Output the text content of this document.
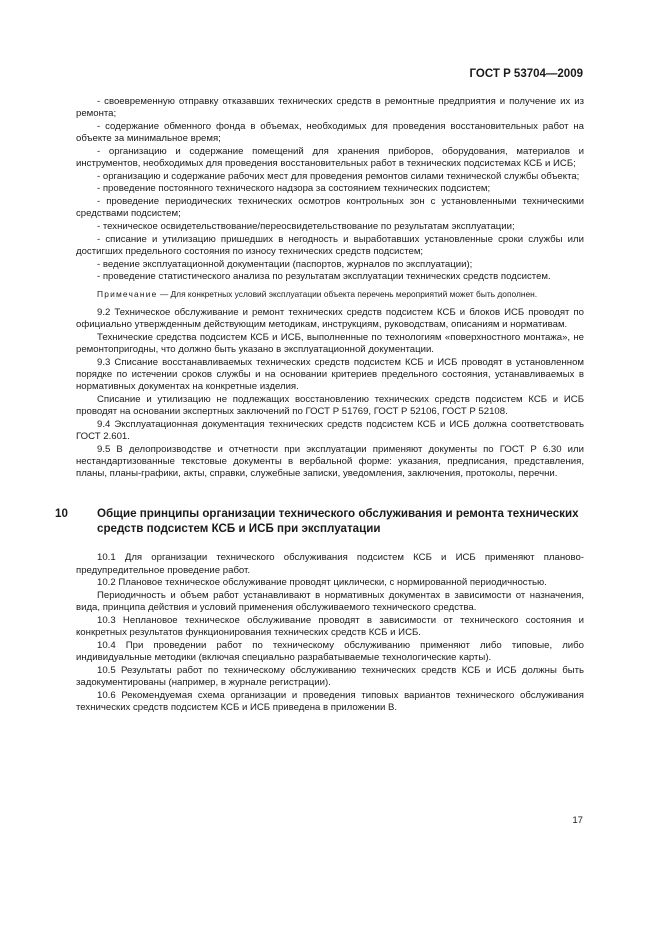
ГОСТ Р 53704—2009

- своевременную отправку отказавших технических средств в ремонтные предприятия и получение их из ремонта;

- содержание обменного фонда в объемах, необходимых для проведения восстановительных работ на объекте за минимальное время;

- организацию и содержание помещений для хранения приборов, оборудования, материалов и инструментов, необходимых для проведения восстановительных работ в технических подсистемах КСБ и ИСБ;

- организацию и содержание рабочих мест для проведения ремонтов силами технической службы объекта;

- проведение постоянного технического надзора за состоянием технических подсистем;

- проведение периодических технических осмотров контрольных зон с установленными техническими средствами подсистем;

- техническое освидетельствование/переосвидетельствование по результатам эксплуатации;

- списание и утилизацию пришедших в негодность и выработавших установленные сроки службы или достигших предельного состояния по износу технических средств подсистем;

- ведение эксплуатационной документации (паспортов, журналов по эксплуатации);

- проведение статистического анализа по результатам эксплуатации технических средств подсистем.

Примечание — Для конкретных условий эксплуатации объекта перечень мероприятий может быть дополнен.

9.2 Техническое обслуживание и ремонт технических средств подсистем КСБ и блоков ИСБ проводят по официально утвержденным действующим методикам, инструкциям, руководствам, описаниям и нормативам.

Технические средства подсистем КСБ и ИСБ, выполненные по технологиям «поверхностного монтажа», не ремонтопригодны, что должно быть указано в эксплуатационной документации.

9.3 Списание восстанавливаемых технических средств подсистем КСБ и ИСБ проводят в установленном порядке по истечении сроков службы и на основании критериев предельного состояния, устанавливаемых в нормативных документах на конкретные изделия.

Списание и утилизацию не подлежащих восстановлению технических средств подсистем КСБ и ИСБ проводят на основании экспертных заключений по ГОСТ Р 51769, ГОСТ Р 52106, ГОСТ Р 52108.

9.4 Эксплуатационная документация технических средств подсистем КСБ и ИСБ должна соответствовать ГОСТ 2.601.

9.5 В делопроизводстве и отчетности при эксплуатации применяют документы по ГОСТ Р 6.30 или нестандартизованные текстовые документы в вербальной форме: указания, предписания, представления, планы, планы-графики, акты, справки, служебные записки, уведомления, заключения, протоколы, перечни.

10	Общие принципы организации технического обслуживания и ремонта технических средств подсистем КСБ и ИСБ при эксплуатации

10.1 Для организации технического обслуживания подсистем КСБ и ИСБ применяют планово-предупредительное проведение работ.

10.2 Плановое техническое обслуживание проводят циклически, с нормированной периодичностью.

Периодичность и объем работ устанавливают в нормативных документах в зависимости от назначения, вида, принципа действия и условий применения обслуживаемого технического средства.

10.3 Неплановое техническое обслуживание проводят в зависимости от технического состояния и конкретных результатов функционирования технических средств КСБ и ИСБ.

10.4 При проведении работ по техническому обслуживанию применяют либо типовые, либо индивидуальные методики (включая специально разрабатываемые технологические карты).

10.5 Результаты работ по техническому обслуживанию технических средств КСБ и ИСБ должны быть задокументированы (например, в журнале регистрации).

10.6 Рекомендуемая схема организации и проведения типовых вариантов технического обслуживания технических средств подсистем КСБ и ИСБ приведена в приложении В.

17
